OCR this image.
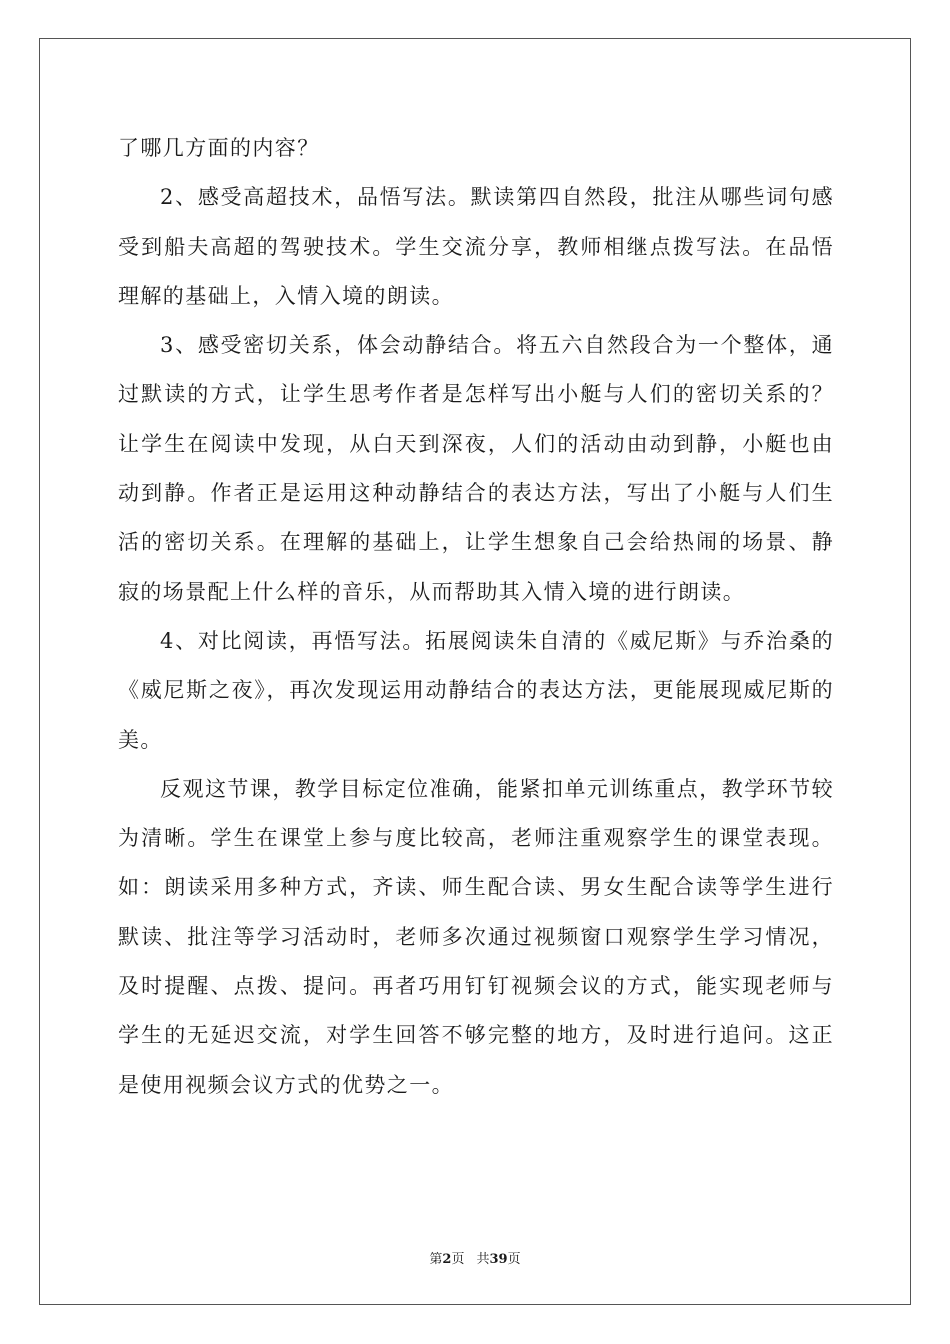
了哪几方面的内容？

2、感受高超技术，品悟写法。默读第四自然段，批注从哪些词句感受到船夫高超的驾驶技术。学生交流分享，教师相继点拨写法。在品悟理解的基础上，入情入境的朗读。

3、感受密切关系，体会动静结合。将五六自然段合为一个整体，通过默读的方式，让学生思考作者是怎样写出小艇与人们的密切关系的？让学生在阅读中发现，从白天到深夜，人们的活动由动到静，小艇也由动到静。作者正是运用这种动静结合的表达方法，写出了小艇与人们生活的密切关系。在理解的基础上，让学生想象自己会给热闹的场景、静寂的场景配上什么样的音乐，从而帮助其入情入境的进行朗读。

4、对比阅读，再悟写法。拓展阅读朱自清的《威尼斯》与乔治桑的《威尼斯之夜》，再次发现运用动静结合的表达方法，更能展现威尼斯的美。

反观这节课，教学目标定位准确，能紧扣单元训练重点，教学环节较为清晰。学生在课堂上参与度比较高，老师注重观察学生的课堂表现。如：朗读采用多种方式，齐读、师生配合读、男女生配合读等学生进行默读、批注等学习活动时，老师多次通过视频窗口观察学生学习情况，及时提醒、点拨、提问。再者巧用钉钉视频会议的方式，能实现老师与学生的无延迟交流，对学生回答不够完整的地方，及时进行追问。这正是使用视频会议方式的优势之一。

第2页 共39页
